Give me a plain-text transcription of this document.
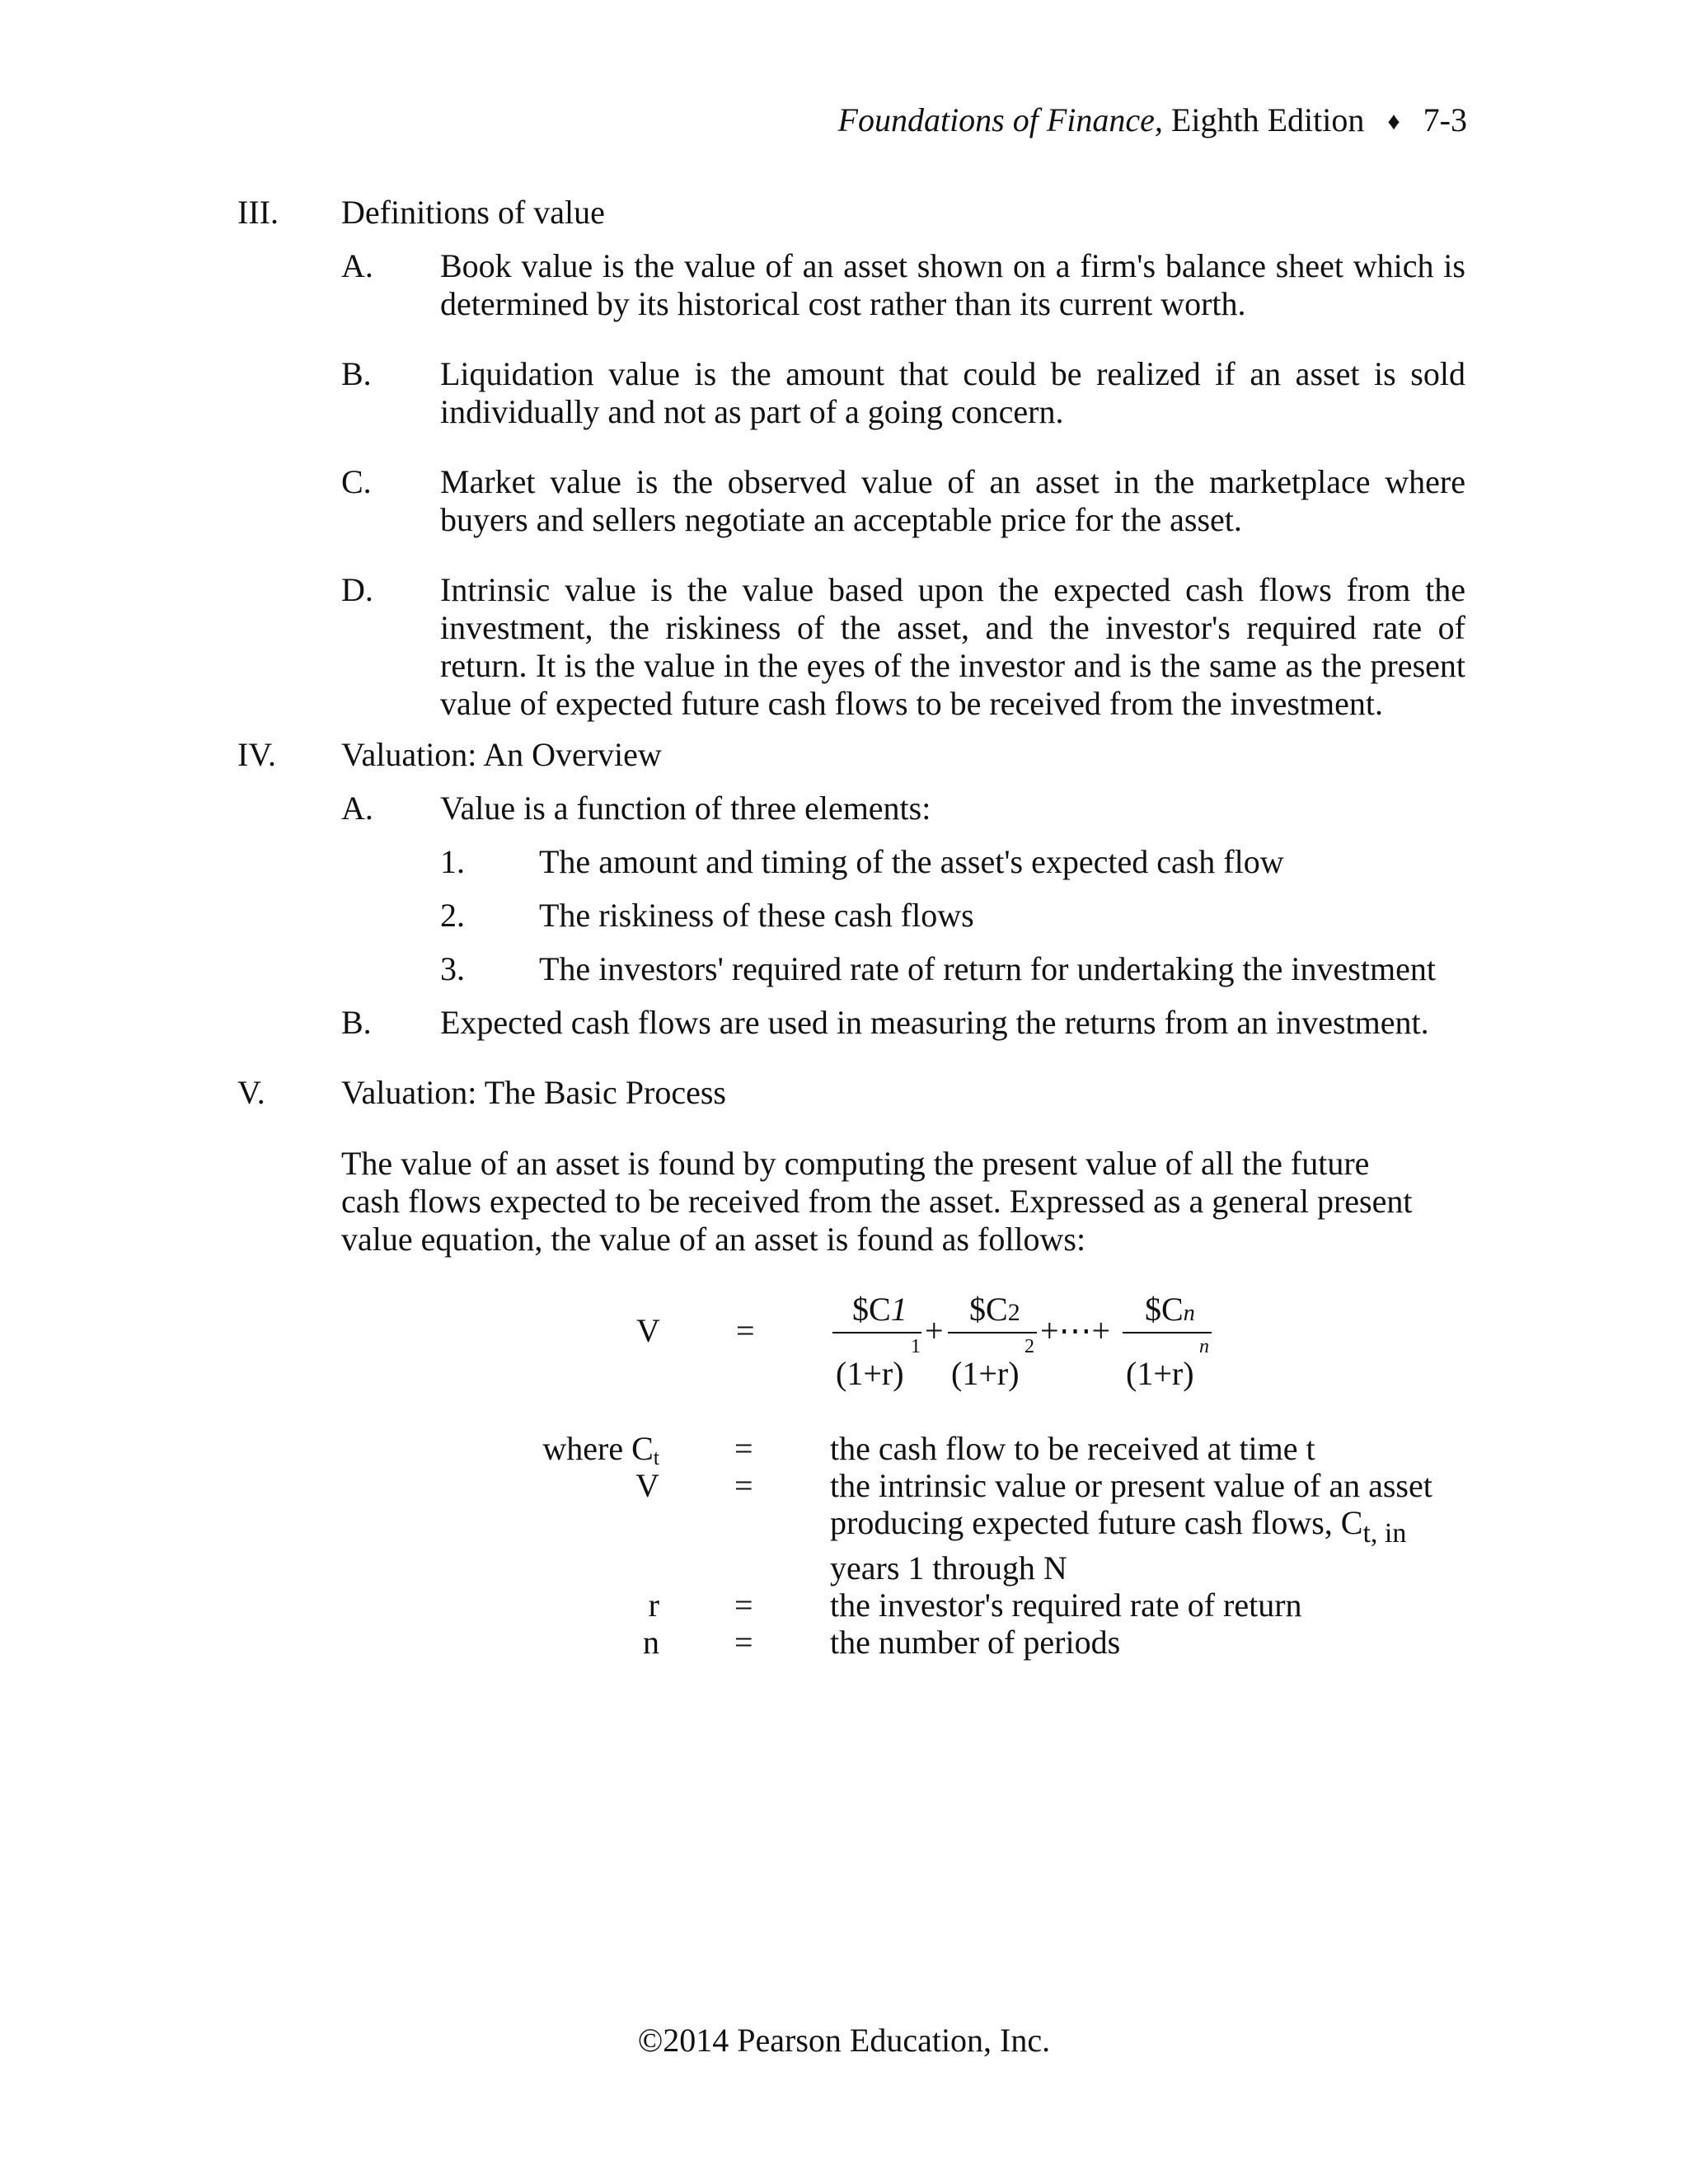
Foundations of Finance, Eighth Edition ♦ 7-3
III. Definitions of value
A. Book value is the value of an asset shown on a firm's balance sheet which is determined by its historical cost rather than its current worth.
B. Liquidation value is the amount that could be realized if an asset is sold individually and not as part of a going concern.
C. Market value is the observed value of an asset in the marketplace where buyers and sellers negotiate an acceptable price for the asset.
D. Intrinsic value is the value based upon the expected cash flows from the investment, the riskiness of the asset, and the investor's required rate of return. It is the value in the eyes of the investor and is the same as the present value of expected future cash flows to be received from the investment.
IV. Valuation: An Overview
A. Value is a function of three elements:
1. The amount and timing of the asset's expected cash flow
2. The riskiness of these cash flows
3. The investors' required rate of return for undertaking the investment
B. Expected cash flows are used in measuring the returns from an investment.
V. Valuation: The Basic Process
The value of an asset is found by computing the present value of all the future cash flows expected to be received from the asset. Expressed as a general present value equation, the value of an asset is found as follows:
V =
$C1
1
(1+r)
+
$C2
2
(1+r)
+⋯+
$Cn
n
(1+r)
where $C_t$ = the cash flow to be received at time t
V = the intrinsic value or present value of an asset
producing expected future cash flows, $C_{t, in}$
years 1 through N
r = the investor's required rate of return
n = the number of periods
©2014 Pearson Education, Inc.
